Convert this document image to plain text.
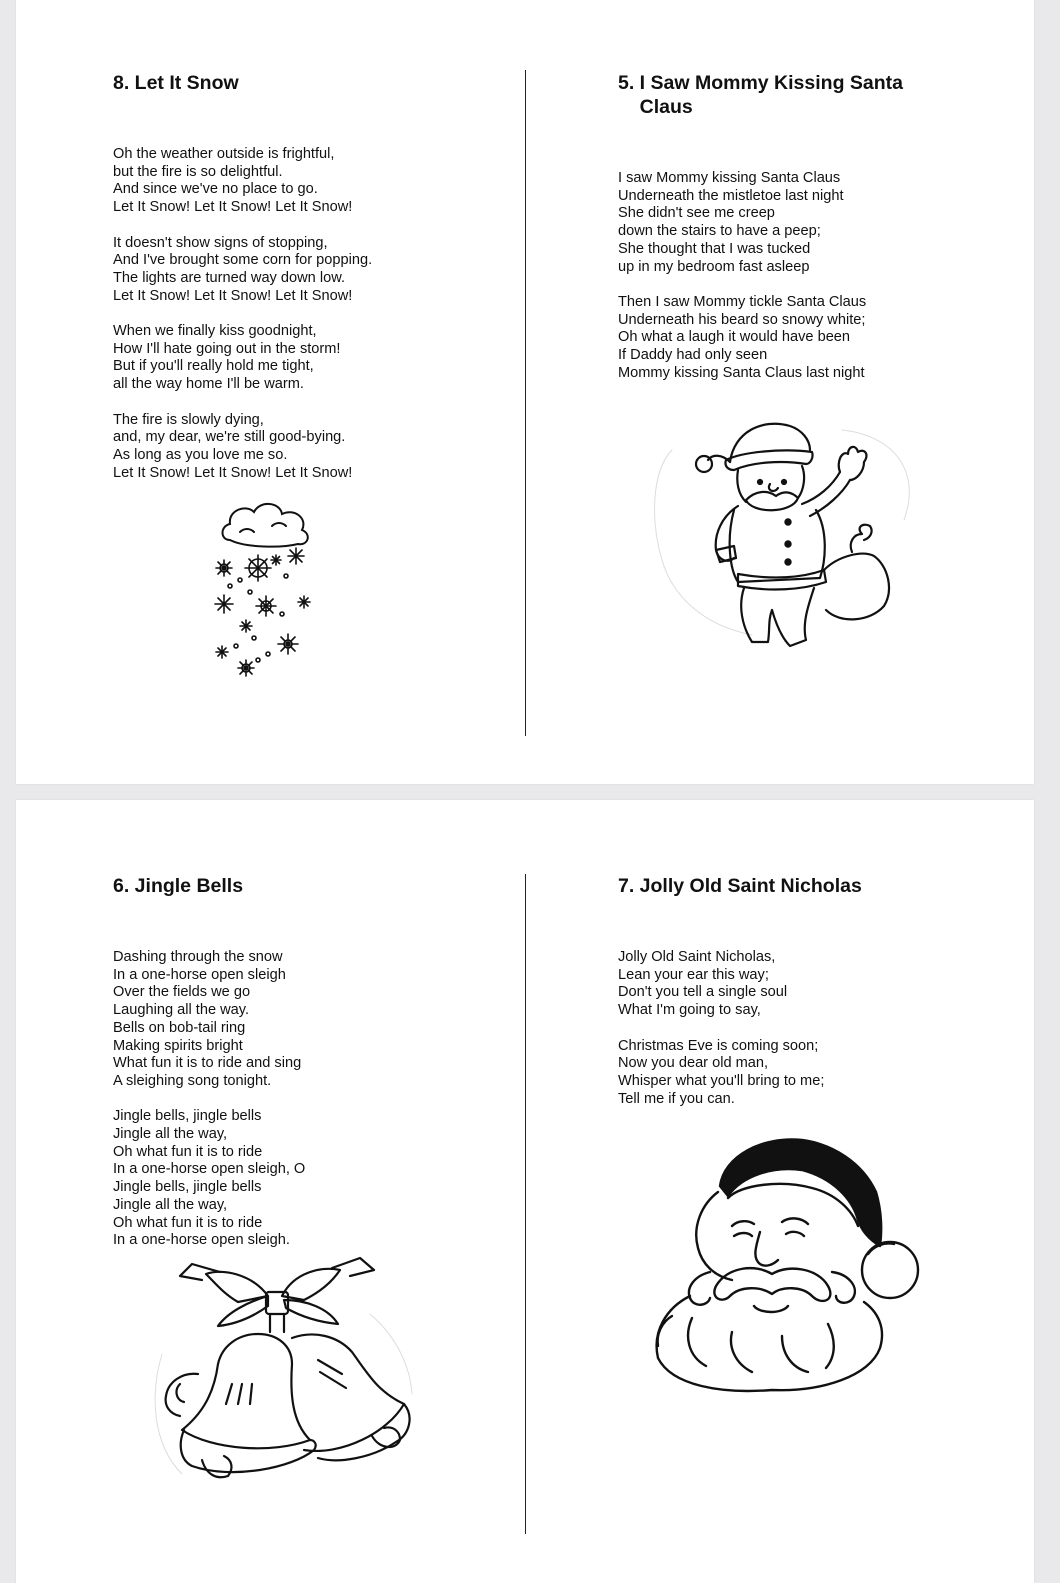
8. Let It Snow
Oh the weather outside is frightful,
but the fire is so delightful.
And since we've no place to go.
Let It Snow! Let It Snow! Let It Snow!
It doesn't show signs of stopping,
And I've brought some corn for popping.
The lights are turned way down low.
Let It Snow! Let It Snow! Let It Snow!
When we finally kiss goodnight,
How I'll hate going out in the storm!
But if you'll really hold me tight,
all the way home I'll be warm.
The fire is slowly dying,
and, my dear, we're still good-bying.
As long as you love me so.
Let It Snow! Let It Snow! Let It Snow!
5. I Saw Mommy Kissing Santa
Claus
I saw Mommy kissing Santa Claus
Underneath the mistletoe last night
She didn't see me creep
down the stairs to have a peep;
She thought that I was tucked
up in my bedroom fast asleep
Then I saw Mommy tickle Santa Claus
Underneath his beard so snowy white;
Oh what a laugh it would have been
If Daddy had only seen
Mommy kissing Santa Claus last night
6. Jingle Bells
Dashing through the snow
In a one-horse open sleigh
Over the fields we go
Laughing all the way.
Bells on bob-tail ring
Making spirits bright
What fun it is to ride and sing
A sleighing song tonight.
Jingle bells, jingle bells
Jingle all the way,
Oh what fun it is to ride
In a one-horse open sleigh, O
Jingle bells, jingle bells
Jingle all the way,
Oh what fun it is to ride
In a one-horse open sleigh.
7. Jolly Old Saint Nicholas
Jolly Old Saint Nicholas,
Lean your ear this way;
Don't you tell a single soul
What I'm going to say,
Christmas Eve is coming soon;
Now you dear old man,
Whisper what you'll bring to me;
Tell me if you can.
